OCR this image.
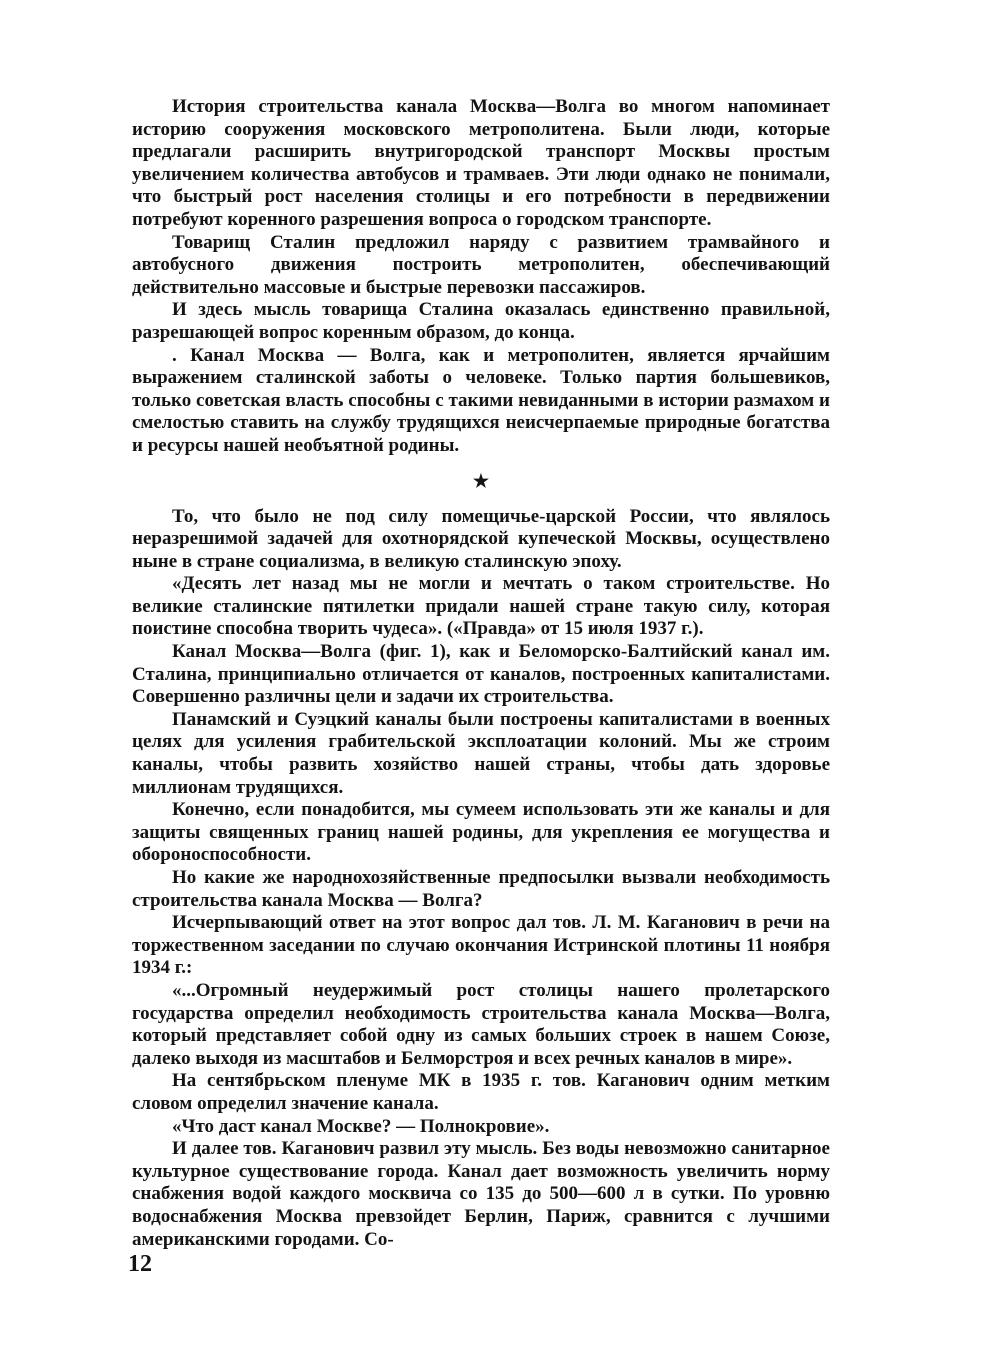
История строительства канала Москва—Волга во многом напоминает историю сооружения московского метрополитена. Были люди, которые предлагали расширить внутригородской транспорт Москвы простым увеличением количества автобусов и трамваев. Эти люди однако не понимали, что быстрый рост населения столицы и его потребности в передвижении потребуют коренного разрешения вопроса о городском транспорте.

Товарищ Сталин предложил наряду с развитием трамвайного и автобусного движения построить метрополитен, обеспечивающий действительно массовые и быстрые перевозки пассажиров.

И здесь мысль товарища Сталина оказалась единственно правильной, разрешающей вопрос коренным образом, до конца.

. Канал Москва — Волга, как и метрополитен, является ярчайшим выражением сталинской заботы о человеке. Только партия большевиков, только советская власть способны с такими невиданными в истории размахом и смелостью ставить на службу трудящихся неисчерпаемые природные богатства и ресурсы нашей необъятной родины.

★

То, что было не под силу помещичье-царской России, что являлось неразрешимой задачей для охотнорядской купеческой Москвы, осуществлено ныне в стране социализма, в великую сталинскую эпоху.

«Десять лет назад мы не могли и мечтать о таком строительстве. Но великие сталинские пятилетки придали нашей стране такую силу, которая поистине способна творить чудеса». («Правда» от 15 июля 1937 г.).

Канал Москва—Волга (фиг. 1), как и Беломорско-Балтийский канал им. Сталина, принципиально отличается от каналов, построенных капиталистами. Совершенно различны цели и задачи их строительства.

Панамский и Суэцкий каналы были построены капиталистами в военных целях для усиления грабительской эксплоатации колоний. Мы же строим каналы, чтобы развить хозяйство нашей страны, чтобы дать здоровье миллионам трудящихся.

Конечно, если понадобится, мы сумеем использовать эти же каналы и для защиты священных границ нашей родины, для укрепления ее могущества и обороноспособности.

Но какие же народнохозяйственные предпосылки вызвали необходимость строительства канала Москва — Волга?

Исчерпывающий ответ на этот вопрос дал тов. Л. М. Каганович в речи на торжественном заседании по случаю окончания Истринской плотины 11 ноября 1934 г.:

«...Огромный неудержимый рост столицы нашего пролетарского государства определил необходимость строительства канала Москва—Волга, который представляет собой одну из самых больших строек в нашем Союзе, далеко выходя из масштабов и Белморстроя и всех речных каналов в мире».

На сентябрьском пленуме МК в 1935 г. тов. Каганович одним метким словом определил значение канала.

«Что даст канал Москве? — Полнокровие».

И далее тов. Каганович развил эту мысль. Без воды невозможно санитарное культурное существование города. Канал дает возможность увеличить норму снабжения водой каждого москвича со 135 до 500—600 л в сутки. По уровню водоснабжения Москва превзойдет Берлин, Париж, сравнится с лучшими американскими городами. Со-

12
